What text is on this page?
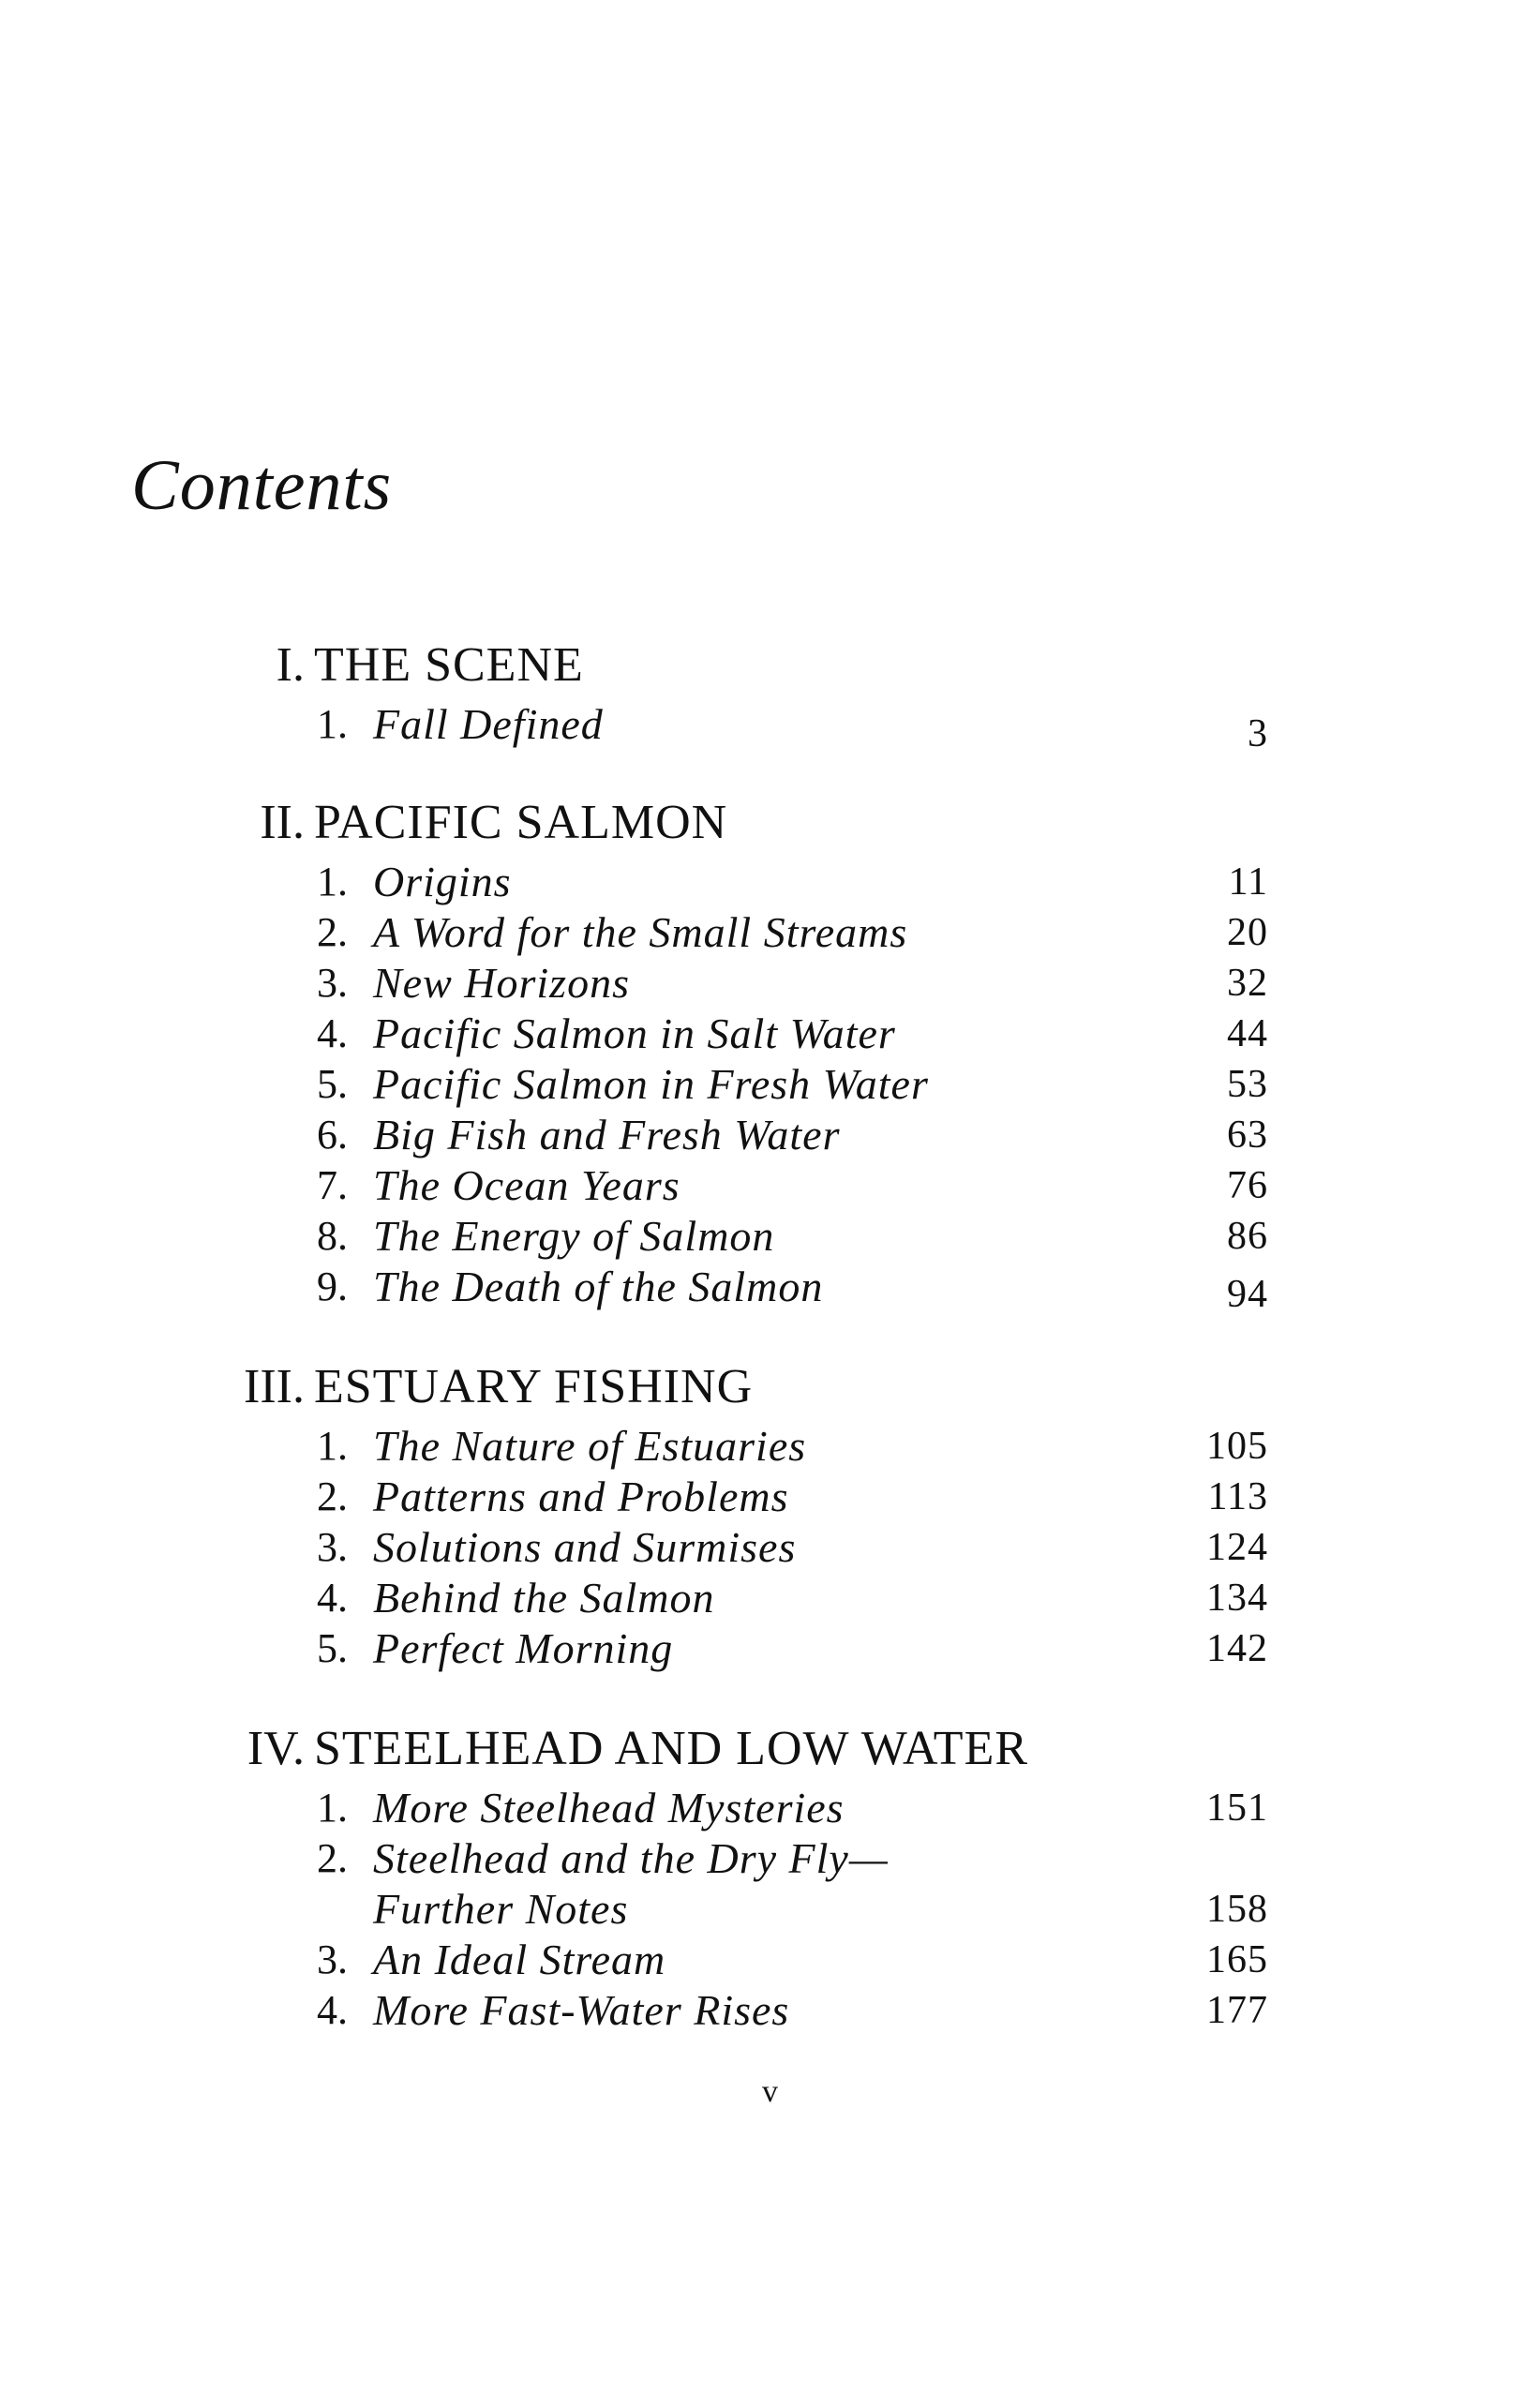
Contents
I. THE SCENE
1. Fall Defined	3
II. PACIFIC SALMON
1. Origins	11
2. A Word for the Small Streams	20
3. New Horizons	32
4. Pacific Salmon in Salt Water	44
5. Pacific Salmon in Fresh Water	53
6. Big Fish and Fresh Water	63
7. The Ocean Years	76
8. The Energy of Salmon	86
9. The Death of the Salmon	94
III. ESTUARY FISHING
1. The Nature of Estuaries	105
2. Patterns and Problems	113
3. Solutions and Surmises	124
4. Behind the Salmon	134
5. Perfect Morning	142
IV. STEELHEAD AND LOW WATER
1. More Steelhead Mysteries	151
2. Steelhead and the Dry Fly—
Further Notes	158
3. An Ideal Stream	165
4. More Fast-Water Rises	177
v
